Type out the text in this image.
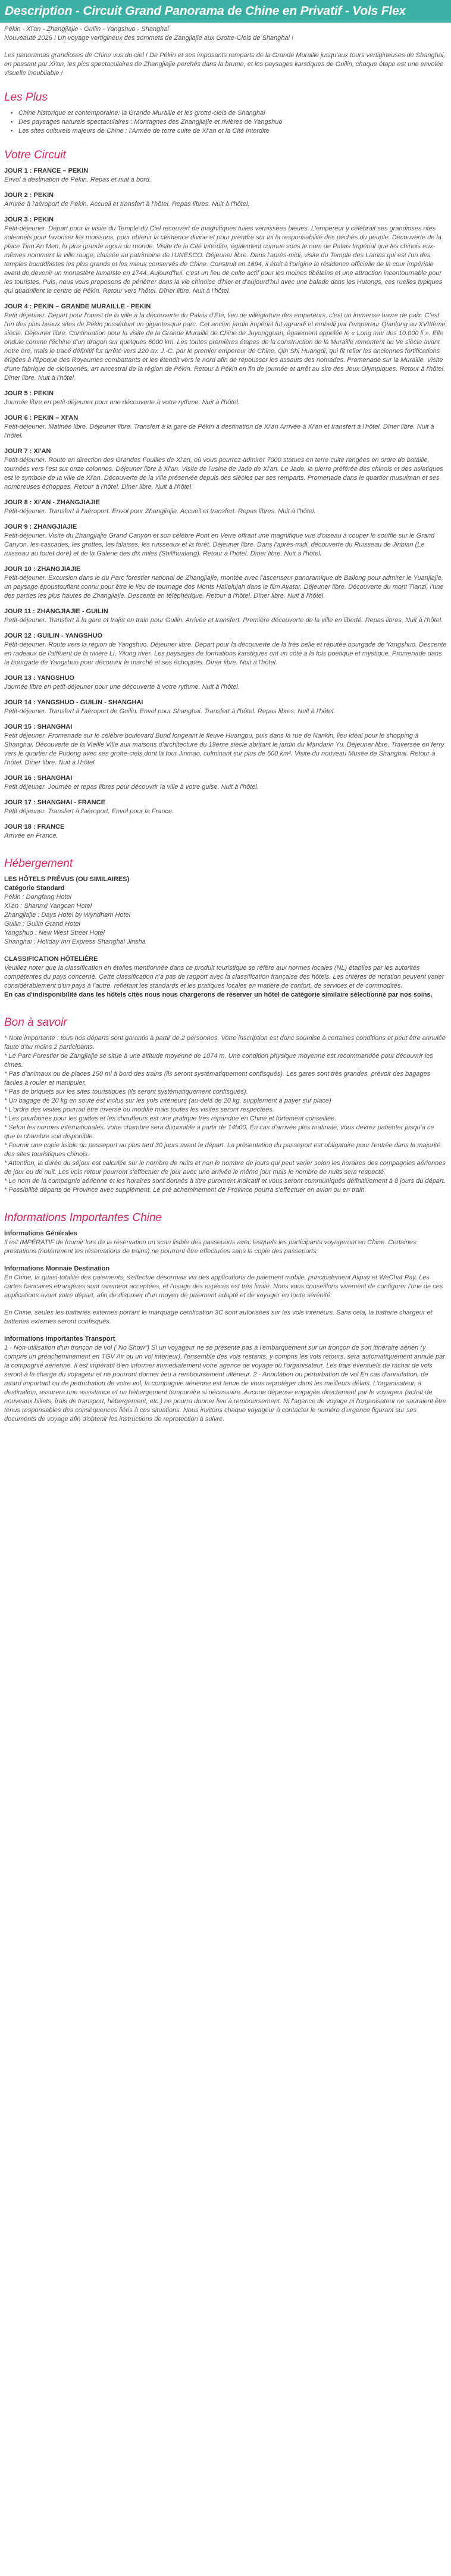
Description - Circuit Grand Panorama de Chine en Privatif - Vols Flex

Pékin - Xi'an - Zhangjiajie - Guilin - Yangshuo - Shanghai

Nouveauté 2026 ! Un voyage vertigineux des sommets de Zangjiajie aux Grotte-Ciels de Shanghai !

Les panoramas grandioses de Chine vus du ciel ! De Pékin et ses imposants remparts de la Grande Muraille jusqu'aux tours vertigineuses de Shanghai, en passant par Xi'an, les pics spectaculaires de Zhangjiajie perchés dans la brume, et les paysages karstiques de Guilin, chaque étape est une envolée visuelle inoubliable !

Les Plus
• Chine historique et contemporaine: la Grande Muraille et les grotte-ciels de Shanghai
• Des paysages naturels spectaculaires : Montagnes des Zhangjiajie et rivières de Yangshuo
• Les sites culturels majeurs de Chine : l'Armée de terre cuite de Xi'an et la Cité Interdite
Votre Circuit

JOUR 1 : FRANCE – PEKIN

Envol à destination de Pékin. Repas et nuit à bord.

JOUR 2 : PEKIN

Arrivée à l'aéroport de Pékin. Accueil et transfert à l'hôtel. Repas libres. Nuit à l'hôtel.

JOUR 3 : PEKIN

Petit-déjeuner. Départ pour la visite du Temple du Ciel recouvert de magnifiques tuiles vernissées bleues. L'empereur y célébrait ses grandioses rites solennels pour favoriser les moissons, pour obtenir la clémence divine et pour prendre sur lui la responsabilité des péchés du peuple. Découverte de la place Tian An Men, la plus grande agora du monde. Visite de la Cité Interdite, également connue sous le nom de Palais Impérial que les chinois eux-mêmes nomment la ville rouge, classée au patrimoine de l'UNESCO. Déjeuner libre. Dans l'après-midi, visite du Temple des Lamas qui est l'un des temples bouddhistes les plus grands et les mieux conservés de Chine. Construit en 1694, il était à l'origine la résidence officielle de la cour impériale avant de devenir un monastère lamaïste en 1744. Aujourd'hui, c'est un lieu de culte actif pour les moines tibétains et une attraction incontournable pour les touristes. Puis, nous vous proposons de pénétrer dans la vie chinoise d'hier et d'aujourd'hui avec une balade dans les Hutongs, ces ruelles typiques qui quadrillent le centre de Pékin. Retour vers l'hôtel. Dîner libre. Nuit à l'hôtel.

JOUR 4 : PEKIN – GRANDE MURAILLE - PEKIN

Petit déjeuner. Départ pour l'ouest de la ville à la découverte du Palais d'Eté, lieu de villégiature des empereurs, c'est un immense havre de paix. C'est l'un des plus beaux sites de Pékin possédant un gigantesque parc. Cet ancien jardin impérial fut agrandi et embelli par l'empereur Qianlong au XVIIIème siècle. Déjeuner libre. Continuation pour la visite de la Grande Muraille de Chine de Juyongguan, également appelée le « Long mur des 10.000 li ». Elle ondule comme l'échine d'un dragon sur quelques 6000 km. Les toutes premières étapes de la construction de la Muraille remontent au Ve siècle avant notre ère, mais le tracé définitif fut arrêté vers 220 av. J.-C. par le premier empereur de Chine, Qin Shi Huangdi, qui fit relier les anciennes fortifications érigées à l'époque des Royaumes combattants et les étendit vers le nord afin de repousser les assauts des nomades. Promenade sur la Muraille. Visite d'une fabrique de cloisonnés, art ancestral de la région de Pékin. Retour à Pékin en fin de journée et arrêt au site des Jeux Olympiques. Retour à l'hôtel. Dîner libre. Nuit à l'hôtel.

JOUR 5 : PEKIN

Journée libre en petit-déjeuner pour une découverte à votre rythme. Nuit à l'hôtel.

JOUR 6 : PEKIN – XI'AN

Petit-déjeuner. Matinée libre. Déjeuner libre. Transfert à la gare de Pékin à destination de Xi'an Arrivée à Xi'an et transfert à l'hôtel. Dîner libre. Nuit à l'hôtel.

JOUR 7 : XI'AN

Petit-déjeuner. Route en direction des Grandes Fouilles de Xi'an, où vous pourrez admirer 7000 statues en terre cuite rangées en ordre de bataille, tournées vers l'est sur onze colonnes. Déjeuner libre à Xi'an. Visite de l'usine de Jade de Xi'an. Le Jade, la pierre préférée des chinois et des asiatiques est le symbole de la ville de Xi'an. Découverte de la ville préservée depuis des siècles par ses remparts. Promenade dans le quartier musulman et ses nombreuses échoppes. Retour à l'hôtel. Dîner libre. Nuit à l'hôtel.

JOUR 8 : XI'AN - ZHANGJIAJIE

Petit-déjeuner. Transfert à l'aéroport. Envol pour Zhangjiajie. Accueil et transfert. Repas libres. Nuit à l'hôtel.

JOUR 9 : ZHANGJIAJIE

Petit-déjeuner. Visite du Zhangjiajie Grand Canyon et son célèbre Pont en Verre offrant une magnifique vue d'oiseau à couper le souffle sur le Grand Canyon, les cascades, les grottes, les falaises, les ruisseaux et la forêt. Déjeuner libre. Dans l'après-midi, découverte du Ruisseau de Jinbian (Le ruisseau au fouet doré) et de la Galerie des dix miles (Shilihualang). Retour à l'hôtel. Dîner libre. Nuit à l'hôtel.

JOUR 10 : ZHANGJIAJIE

Petit-déjeuner. Excursion dans le du Parc forestier national de Zhangjiajie, montée avec l'ascenseur panoramique de Bailong pour admirer le Yuanjiajie, un paysage époustouflant connu pour être le lieu de tournage des Monts Hallelujah dans le film Avatar. Déjeuner libre. Découverte du mont Tianzi, l'une des parties les plus hautes de Zhangjiajie. Descente en téléphérique. Retour à l'hôtel. Dîner libre. Nuit à l'hôtel.

JOUR 11 : ZHANGJIAJIE - GUILIN

Petit-déjeuner. Transfert à la gare et trajet en train pour Guilin. Arrivée et transfert. Première découverte de la ville en liberté. Repas libres. Nuit à l'hôtel.

JOUR 12 : GUILIN - YANGSHUO

Petit-déjeuner. Route vers la région de Yangshuo. Déjeuner libre. Départ pour la découverte de la très belle et réputée bourgade de Yangshuo. Descente en radeaux de l'affluent de la rivière Li, Yilong river. Les paysages de formations karstiques ont un côté à la fois poétique et mystique. Promenade dans la bourgade de Yangshuo pour découvrir le marché et ses échoppes. Dîner libre. Nuit à l'hôtel.

JOUR 13 : YANGSHUO

Journée libre en petit-déjeuner pour une découverte à votre rythme. Nuit à l'hôtel.

JOUR 14 : YANGSHUO - GUILIN - SHANGHAI

Petit-déjeuner. Transfert à l'aéroport de Guilin. Envol pour Shanghai. Transfert à l'hôtel. Repas libres. Nuit à l'hôtel.

JOUR 15 : SHANGHAI

Petit déjeuner. Promenade sur le célèbre boulevard Bund longeant le fleuve Huangpu, puis dans la rue de Nankin, lieu idéal pour le shopping à Shanghai. Découverte de la Vieille Ville aux maisons d'architecture du 19ème siècle abritant le jardin du Mandarin Yu. Déjeuner libre. Traversée en ferry vers le quartier de Pudong avec ses grotte-ciels dont la tour Jinmao, culminant sur plus de 500 km². Visite du nouveau Musée de Shanghai. Retour à l'hôtel. Dîner libre. Nuit à l'hôtel.

JOUR 16 : SHANGHAI

Petit déjeuner. Journée et repas libres pour découvrir la ville à votre guise. Nuit à l'hôtel.

JOUR 17 : SHANGHAI - FRANCE

Petit déjeuner. Transfert à l'aéroport. Envol pour la France.

JOUR 18 : FRANCE

Arrivée en France.

Hébergement

LES HÔTELS PRÉVUS (OU SIMILAIRES)

Catégorie Standard

Pékin : Dongfang Hotel

Xi'an : Shannxi Yangcan Hotel

Zhangjiajie : Days Hotel by Wyndham Hotel

Guilin : Guilin Grand Hotel

Yangshuo : New West Street Hotel

Shanghai : Holiday Inn Express Shanghai Jinsha

CLASSIFICATION HÔTELIÈRE

Veuillez noter que la classification en étoiles mentionnée dans ce produit touristique se réfère aux normes locales (NL) établies par les autorités compétentes du pays concerné. Cette classification n'a pas de rapport avec la classification française des hôtels. Les critères de notation peuvent varier considérablement d'un pays à l'autre, reflétant les standards et les pratiques locales en matière de confort, de services et de commodités.

En cas d'indisponibilité dans les hôtels cités nous nous chargerons de réserver un hôtel de catégorie similaire sélectionné par nos soins.

Bon à savoir

* Note importante : tous nos départs sont garantis à partir de 2 personnes. Votre inscription est donc soumise à certaines conditions et peut être annulée faute d'au moins 2 participants.

* Le Parc Forestier de Zangjiajie se situe à une altitude moyenne de 1074 m. Une condition physique moyenne est recommandée pour découvrir les cimes.

* Pas d'animaux ou de places 150 ml à bord des trains (ils seront systématiquement confisqués). Les gares sont très grandes, prévoir des bagages faciles à rouler et manipuler.

* Pas de briquets sur les sites touristiques (ils seront systématiquement confisqués).

* Un bagage de 20 kg en soute est inclus sur les vols intérieurs (au-delà de 20 kg, supplément à payer sur place)

* L'ordre des visites pourrait être inversé ou modifié mais toutes les visites seront respectées.

* Les pourboires pour les guides et les chauffeurs est une pratique très répandue en Chine et fortement conseillée.

* Selon les normes internationales, votre chambre sera disponible à partir de 14h00. En cas d'arrivée plus matinale, vous devrez patienter jusqu'à ce que la chambre soit disponible.

* Fournir une copie lisible du passeport au plus tard 30 jours avant le départ. La présentation du passeport est obligatoire pour l'entrée dans la majorité des sites touristiques chinois.

* Attention, la durée du séjour est calculée sur le nombre de nuits et non le nombre de jours qui peut varier selon les horaires des compagnies aériennes de jour ou de nuit. Les vols retour pourront s'effectuer de jour avec une arrivée le même jour mais le nombre de nuits sera respecté.

* Le nom de la compagnie aérienne et les horaires sont donnés à titre purement indicatif et vous seront communiqués définitivement à 8 jours du départ.

* Possibilité départs de Province avec supplément. Le pré acheminement de Province pourra s'effectuer en avion ou en train.

Informations Importantes Chine

Informations Générales

Il est IMPÉRATIF de fournir lors de la réservation un scan lisible des passeports avec lesquels les participants voyageront en Chine. Certaines prestations (notamment les réservations de trains) ne pourront être effectuées sans la copie des passeports.

Informations Monnaie Destination

En Chine, la quasi-totalité des paiements, s'effectue désormais via des applications de paiement mobile, principalement Alipay et WeChat Pay. Les cartes bancaires étrangères sont rarement acceptées, et l'usage des espèces est très limité. Nous vous conseillons vivement de configurer l'une de ces applications avant votre départ, afin de disposer d'un moyen de paiement adapté et de voyager en toute sérénité.

En Chine, seules les batteries externes portant le marquage certification 3C sont autorisées sur les vols intérieurs. Sans cela, la batterie chargeur et batteries externes seront confisqués.

Informations Importantes Transport

1 - Non-utilisation d'un tronçon de vol ("No Show") Si un voyageur ne se présente pas à l'embarquement sur un tronçon de son itinéraire aérien (y compris un préacheminement en TGV Air ou un vol intérieur), l'ensemble des vols restants, y compris les vols retours, sera automatiquement annulé par la compagnie aérienne. Il est impératif d'en informer immédiatement votre agence de voyage ou l'organisateur. Les frais éventuels de rachat de vols seront à la charge du voyageur et ne pourront donner lieu à remboursement ultérieur. 2 - Annulation ou perturbation de vol En cas d'annulation, de retard important ou de perturbation de votre vol, la compagnie aérienne est tenue de vous reprotéger dans les meilleurs délais. L'organisateur, à destination, assurera une assistance et un hébergement temporaire si nécessaire. Aucune dépense engagée directement par le voyageur (achat de nouveaux billets, frais de transport, hébergement, etc.) ne pourra donner lieu à remboursement. Ni l'agence de voyage ni l'organisateur ne sauraient être tenus responsables des conséquences liées à ces situations. Nous invitons chaque voyageur à contacter le numéro d'urgence figurant sur ses documents de voyage afin d'obtenir les instructions de reprotection à suivre.
